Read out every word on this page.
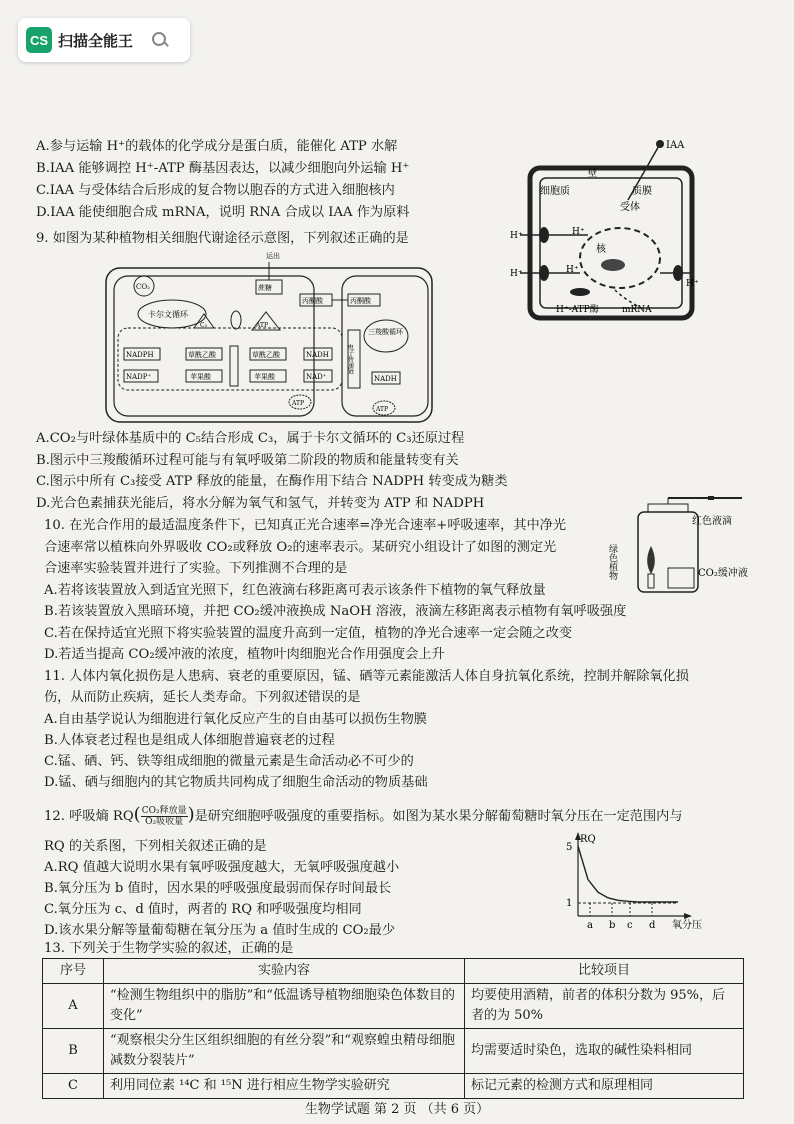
CS 扫描全能王
A.参与运输 H⁺的载体的化学成分是蛋白质，能催化 ATP 水解
B.IAA 能够调控 H⁺-ATP 酶基因表达，以减少细胞向外运输 H⁺
C.IAA 与受体结合后形成的复合物以胞吞的方式进入细胞核内
D.IAA 能使细胞合成 mRNA，说明 RNA 合成以 IAA 作为原料
IAA
壁
细胞质	质膜
受体
H⁺	H⁺
H⁺	H⁺
H⁺
核
H⁺-ATP酶	mRNA
9. 如图为某种植物相关细胞代谢途径示意图，下列叙述正确的是
CO₂
卡尔文循环
C₃
运出
蔗糖
ATP
丙酮酸	丙酮酸
三羧酸循环
电子传递链
NADH
NADPH
NADP⁺
草酰乙酸
苹果酸
草酰乙酸
苹果酸
NADH
NAD⁺
ATP
ATP
A.CO₂与叶绿体基质中的 C₅结合形成 C₃，属于卡尔文循环的 C₃还原过程
B.图示中三羧酸循环过程可能与有氧呼吸第二阶段的物质和能量转变有关
C.图示中所有 C₃接受 ATP 释放的能量，在酶作用下结合 NADPH 转变成为糖类
D.光合色素捕获光能后，将水分解为氧气和氢气，并转变为 ATP 和 NADPH
10. 在光合作用的最适温度条件下，已知真正光合速率=净光合速率+呼吸速率，其中净光
合速率常以植株向外界吸收 CO₂或释放 O₂的速率表示。某研究小组设计了如图的测定光
合速率实验装置并进行了实验。下列推测不合理的是
A.若将该装置放入到适宜光照下，红色液滴右移距离可表示该条件下植物的氧气释放量
B.若该装置放入黑暗环境，并把 CO₂缓冲液换成 NaOH 溶液，液滴左移距离表示植物有氧呼吸强度
C.若在保持适宜光照下将实验装置的温度升高到一定值，植物的净光合速率一定会随之改变
D.若适当提高 CO₂缓冲液的浓度，植物叶肉细胞光合作用强度会上升
红色液滴
绿色植物	CO₂缓冲液
11. 人体内氧化损伤是人患病、衰老的重要原因，锰、硒等元素能激活人体自身抗氧化系统，控制并解除氧化损
伤，从而防止疾病，延长人类寿命。下列叙述错误的是
A.自由基学说认为细胞进行氧化反应产生的自由基可以损伤生物膜
B.人体衰老过程也是组成人体细胞普遍衰老的过程
C.锰、硒、钙、铁等组成细胞的微量元素是生命活动必不可少的
D.锰、硒与细胞内的其它物质共同构成了细胞生命活动的物质基础
12. 呼吸熵 $RQ( \frac{\text{CO₂释放量}}{\text{O₂吸收量}}$ )是研究细胞呼吸强度的重要指标。如图为某水果分解葡萄糖时氧分压在一定范围内与
RQ 的关系图，下列相关叙述正确的是
A.RQ 值越大说明水果有氧呼吸强度越大，无氧呼吸强度越小
B.氧分压为 b 值时，因水果的呼吸强度最弱而保存时间最长
C.氧分压为 c、d 值时，两者的 RQ 和呼吸强度均相同
D.该水果分解等量葡萄糖在氧分压为 a 值时生成的 CO₂最少
RQ
氧分压
5
1
a b c d
13. 下列关于生物学实验的叙述，正确的是
序号	实验内容	比较项目
A	“检测生物组织中的脂肪”和“低温诱导植物细胞染色体数目的变化”	均要使用酒精，前者的体积分数为 95%，后者的为 50%
B	“观察根尖分生区组织细胞的有丝分裂”和“观察蝗虫精母细胞减数分裂装片”	均需要适时染色，选取的碱性染料相同
C	利用同位素 ¹⁴C 和 ¹⁵N 进行相应生物学实验研究	标记元素的检测方式和原理相同
生物学试题 第 2 页 （共 6 页）
